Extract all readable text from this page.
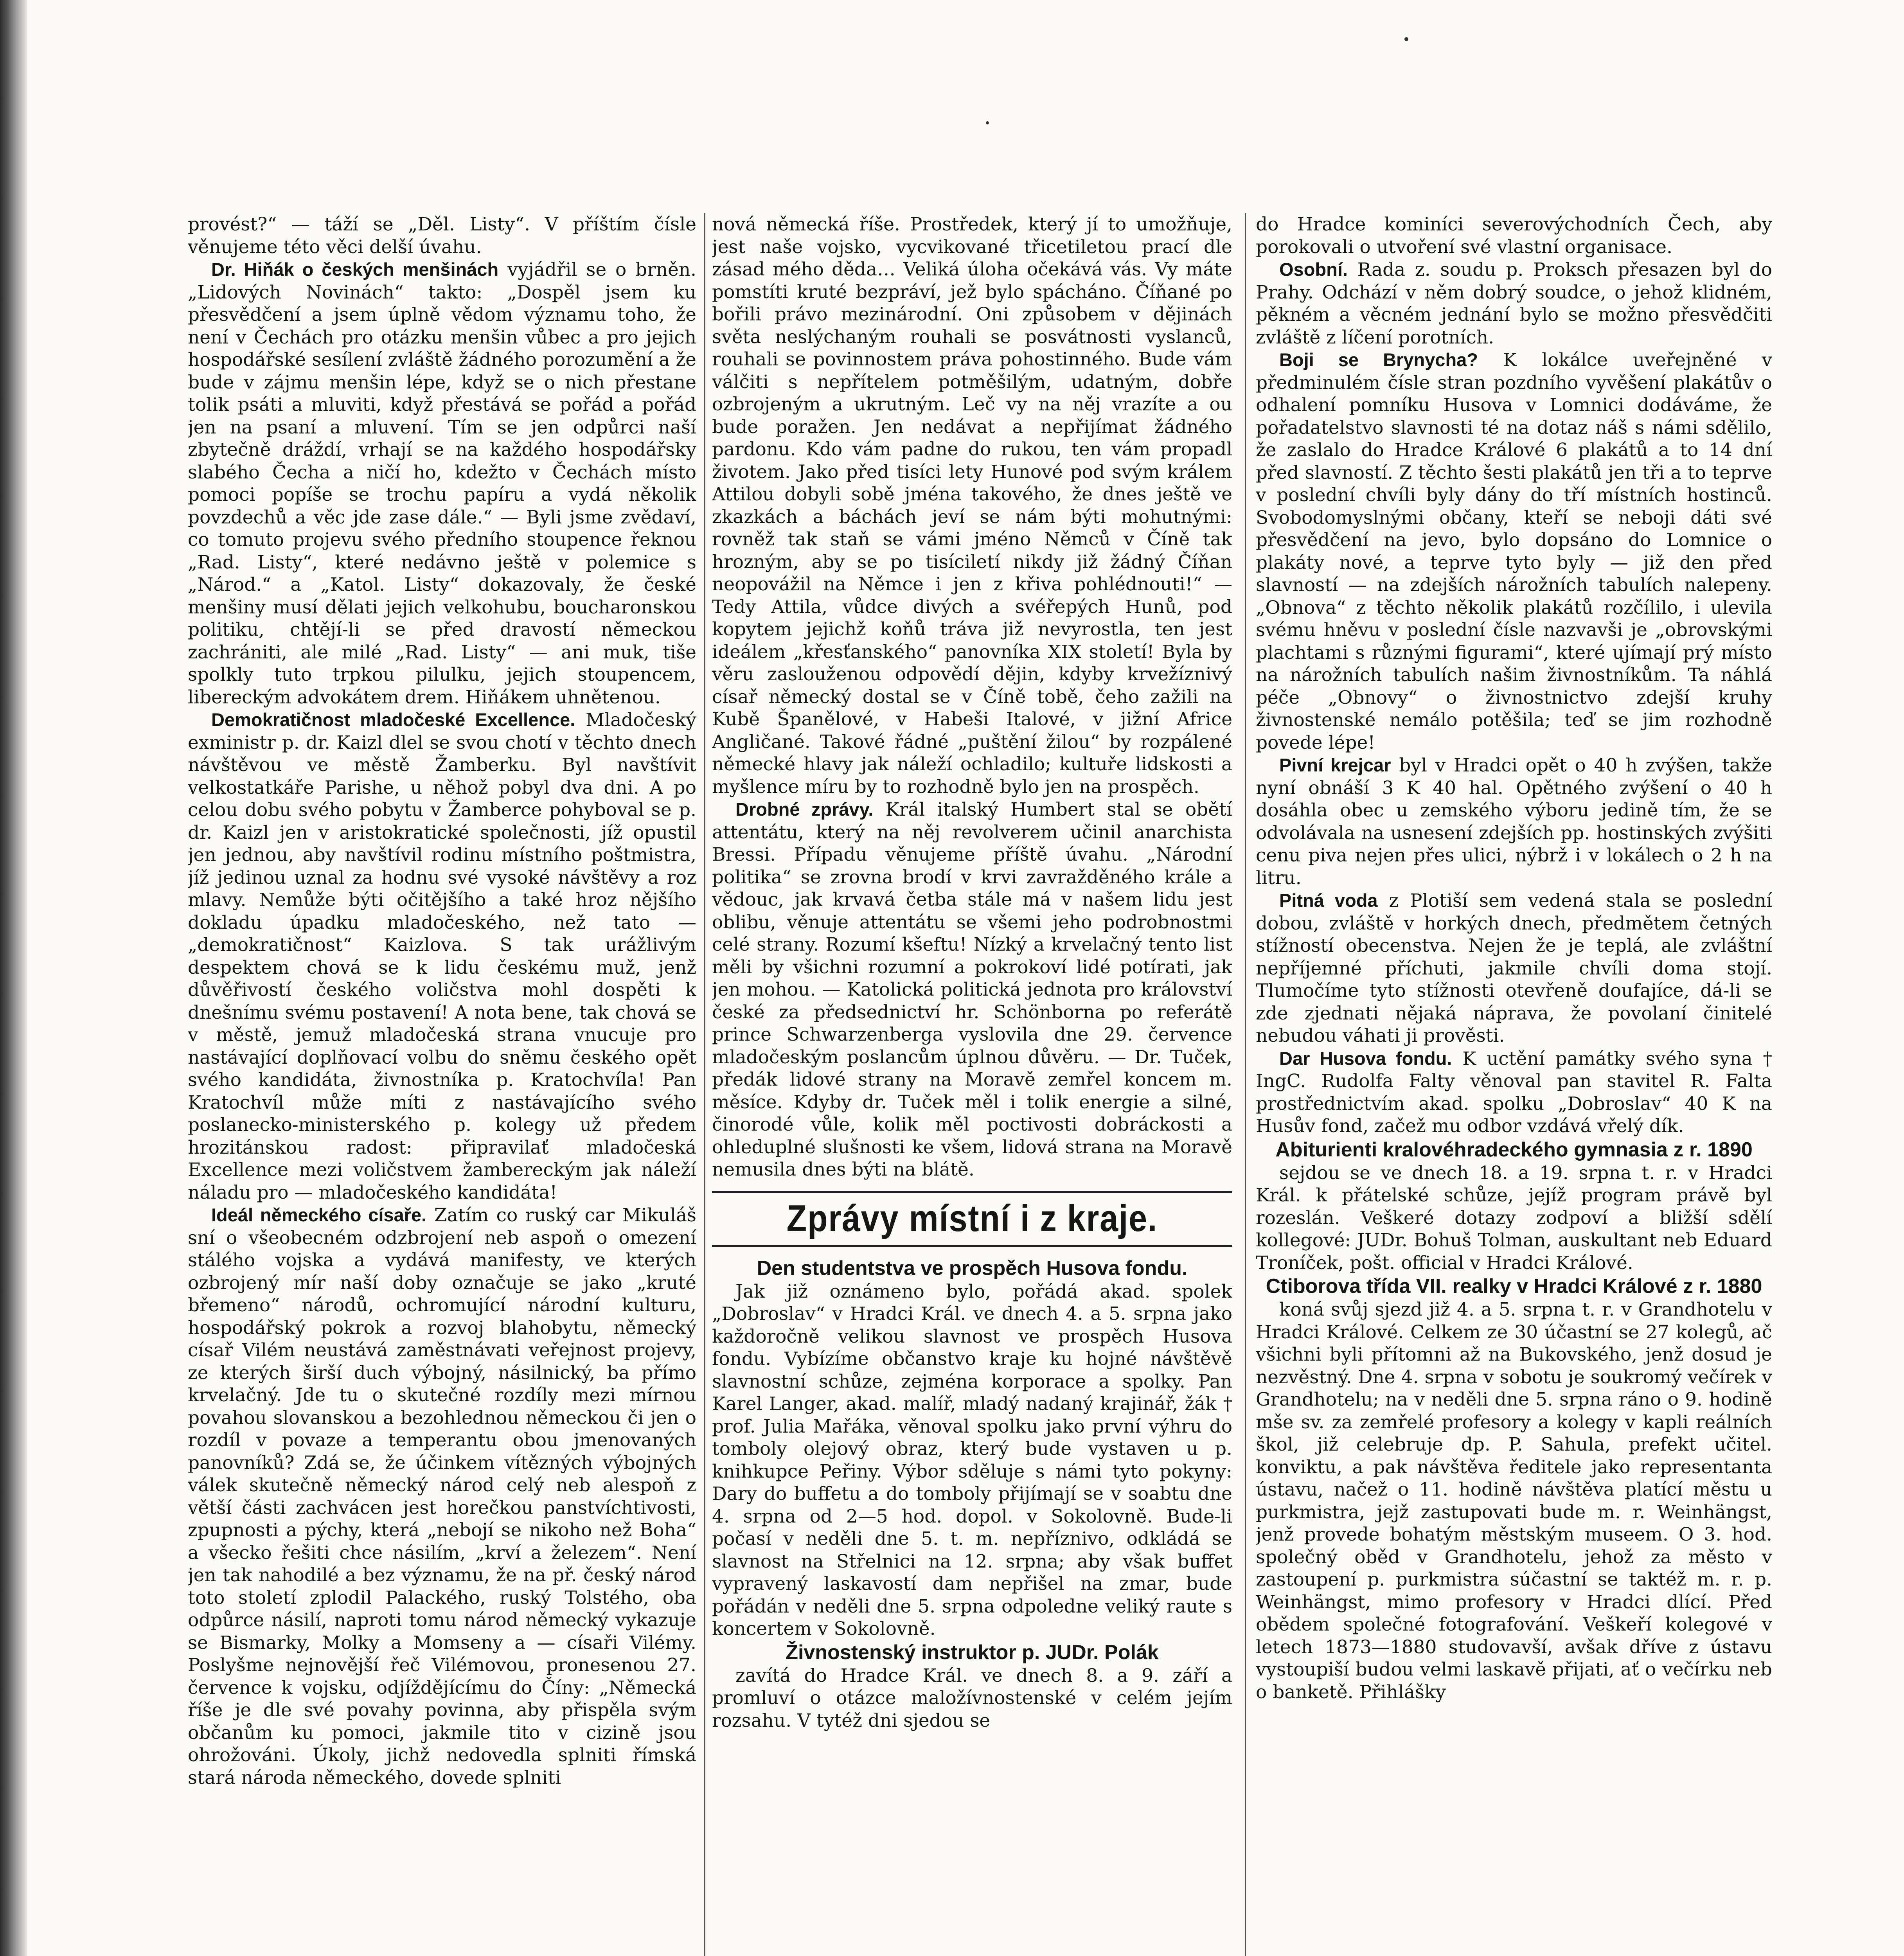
provést?“ — táží se „Děl. Listy“. V příštím čísle věnujeme této věci delší úvahu.

Dr. Hiňák o českých menšinách vyjádřil se o brněn. „Lidových Novinách“ takto: „Dospěl jsem ku přesvědčení a jsem úplně vědom významu toho, že není v Čechách pro otázku menšin vůbec a pro jejich hospodářské sesílení zvláště žádného porozumění a že bude v zájmu menšin lépe, když se o nich přestane tolik psáti a mluviti, když přestává se pořád a pořád jen na psaní a mluvení. Tím se jen odpůrci naší zbytečně dráždí, vrhají se na každého hospodářsky slabého Čecha a ničí ho, kdežto v Čechách místo pomoci popíše se trochu papíru a vydá několik povzdechů a věc jde zase dále.“ — Byli jsme zvědaví, co tomuto projevu svého předního stoupence řeknou „Rad. Listy“, které nedávno ještě v polemice s „Národ.“ a „Katol. Listy“ dokazovaly, že české menšiny musí dělati jejich velkohubu, boucharonskou politiku, chtějí-li se před dravostí německou zachrániti, ale milé „Rad. Listy“ — ani muk, tiše spolkly tuto trpkou pilulku, jejich stoupencem, libereckým advokátem drem. Hiňákem uhnětenou.

Demokratičnost mladočeské Excellence. Mladočeský exministr p. dr. Kaizl dlel se svou chotí v těchto dnech návštěvou ve městě Žamberku. Byl navštívit velkostatkáře Parishe, u něhož pobyl dva dni. A po celou dobu svého pobytu v Žamberce pohyboval se p. dr. Kaizl jen v aristokratické společnosti, jíž opustil jen jednou, aby navštívil rodinu místního poštmistra, jíž jedinou uznal za hodnu své vysoké návštěvy a roz mlavy. Nemůže býti očitějšího a také hroz nějšího dokladu úpadku mladočeského, než tato — „demokratičnost“ Kaizlova. S tak urážlivým despektem chová se k lidu českému muž, jenž důvěřivostí českého voličstva mohl dospěti k dnešnímu svému postavení! A nota bene, tak chová se v městě, jemuž mladočeská strana vnucuje pro nastávající doplňovací volbu do sněmu českého opět svého kandidáta, živnostníka p. Kratochvíla! Pan Kratochvíl může míti z nastávajícího svého poslanecko-ministerského p. kolegy už předem hrozitánskou radost: připravilať mladočeská Excellence mezi voličstvem žambereckým jak náleží náladu pro — mladočeského kandidáta!

Ideál německého císaře. Zatím co ruský car Mikuláš sní o všeobecném odzbrojení neb aspoň o omezení stálého vojska a vydává manifesty, ve kterých ozbrojený mír naší doby označuje se jako „kruté břemeno“ národů, ochromující národní kulturu, hospodářský pokrok a rozvoj blahobytu, německý císař Vilém neustává zaměstnávati veřejnost projevy, ze kterých širší duch výbojný, násilnický, ba přímo krvelačný. Jde tu o skutečné rozdíly mezi mírnou povahou slovanskou a bezohlednou německou či jen o rozdíl v povaze a temperantu obou jmenovaných panovníků? Zdá se, že účinkem vítězných výbojných válek skutečně německý národ celý neb alespoň z větší části zachvácen jest horečkou panstvíchtivosti, zpupnosti a pýchy, která „nebojí se nikoho než Boha“ a všecko řešiti chce násilím, „krví a železem“. Není jen tak nahodilé a bez významu, že na př. český národ toto století zplodil Palackého, ruský Tolstého, oba odpůrce násilí, naproti tomu národ německý vykazuje se Bismarky, Molky a Momseny a — císaři Vilémy. Poslyšme nejnovější řeč Vilémovou, pronesenou 27. července k vojsku, odjíždějícímu do Číny: „Německá říše je dle své povahy povinna, aby přispěla svým občanům ku pomoci, jakmile tito v cizině jsou ohrožováni. Úkoly, jichž nedovedla splniti římská stará národa německého, dovede splniti

nová německá říše. Prostředek, který jí to umožňuje, jest naše vojsko, vycvikované třicetiletou prací dle zásad mého děda… Veliká úloha očekává vás. Vy máte pomstíti kruté bezpráví, jež bylo spácháno. Číňané po bořili právo mezinárodní. Oni způsobem v dějinách světa neslýchaným rouhali se posvátnosti vyslanců, rouhali se povinnostem práva pohostinného. Bude vám válčiti s nepřítelem potměšilým, udatným, dobře ozbrojeným a ukrutným. Leč vy na něj vrazíte a ou bude poražen. Jen nedávat a nepřijímat žádného pardonu. Kdo vám padne do rukou, ten vám propadl životem. Jako před tisíci lety Hunové pod svým králem Attilou dobyli sobě jména takového, že dnes ještě ve zkazkách a báchách jeví se nám býti mohutnými: rovněž tak staň se vámi jméno Němců v Číně tak hrozným, aby se po tisíciletí nikdy již žádný Číňan neopovážil na Němce i jen z křiva pohlédnouti!“ — Tedy Attila, vůdce divých a svéřepých Hunů, pod kopytem jejichž koňů tráva již nevyrostla, ten jest ideálem „křesťanského“ panovníka XIX století! Byla by věru zaslouženou odpovědí dějin, kdyby krvežíznivý císař německý dostal se v Číně tobě, čeho zažili na Kubě Španělové, v Habeši Italové, v jižní Africe Angličané. Takové řádné „puštění žilou“ by rozpálené německé hlavy jak náleží ochladilo; kultuře lidskosti a myšlence míru by to rozhodně bylo jen na prospěch.

Drobné zprávy. Král italský Humbert stal se obětí attentátu, který na něj revolverem učinil anarchista Bressi. Případu věnujeme příště úvahu. „Národní politika“ se zrovna brodí v krvi zavražděného krále a vědouc, jak krvavá četba stále má v našem lidu jest oblibu, věnuje attentátu se všemi jeho podrobnostmi celé strany. Rozumí kšeftu! Nízký a krvelačný tento list měli by všichni rozumní a pokrokoví lidé potírati, jak jen mohou. — Katolická politická jednota pro království české za předsednictví hr. Schönborna po referátě prince Schwarzenberga vyslovila dne 29. července mladočeským poslancům úplnou důvěru. — Dr. Tuček, předák lidové strany na Moravě zemřel koncem m. měsíce. Kdyby dr. Tuček měl i tolik energie a silné, činorodé vůle, kolik měl poctivosti dobráckosti a ohleduplné slušnosti ke všem, lidová strana na Moravě nemusila dnes býti na blátě.

Zprávy místní i z kraje.

Den studentstva ve prospěch Husova fondu.

Jak již oznámeno bylo, pořádá akad. spolek „Dobroslav“ v Hradci Král. ve dnech 4. a 5. srpna jako každoročně velikou slavnost ve prospěch Husova fondu. Vybízíme občanstvo kraje ku hojné návštěvě slavnostní schůze, zejména korporace a spolky. Pan Karel Langer, akad. malíř, mladý nadaný krajinář, žák † prof. Julia Mařáka, věnoval spolku jako první výhru do tomboly olejový obraz, který bude vystaven u p. knihkupce Peřiny. Výbor sděluje s námi tyto pokyny: Dary do buffetu a do tomboly přijímají se v soabtu dne 4. srpna od 2—5 hod. dopol. v Sokolovně. Bude-li počasí v neděli dne 5. t. m. nepříznivo, odkládá se slavnost na Střelnici na 12. srpna; aby však buffet vypravený laskavostí dam nepřišel na zmar, bude pořádán v neděli dne 5. srpna odpoledne veliký raute s koncertem v Sokolovně.

Živnostenský instruktor p. JUDr. Polák

zavítá do Hradce Král. ve dnech 8. a 9. září a promluví o otázce maložívnostenské v celém jejím rozsahu. V tytéž dni sjedou se

do Hradce kominíci severovýchodních Čech, aby porokovali o utvoření své vlastní organisace.

Osobní. Rada z. soudu p. Proksch přesazen byl do Prahy. Odchází v něm dobrý soudce, o jehož klidném, pěkném a věcném jednání bylo se možno přesvědčiti zvláště z líčení porotních.

Boji se Brynycha? K lokálce uveřejněné v předminulém čísle stran pozdního vyvěšení plakátův o odhalení pomníku Husova v Lomnici dodáváme, že pořadatelstvo slavnosti té na dotaz náš s námi sdělilo, že zaslalo do Hradce Králové 6 plakátů a to 14 dní před slavností. Z těchto šesti plakátů jen tři a to teprve v poslední chvíli byly dány do tří místních hostinců. Svobodomyslnými občany, kteří se neboji dáti své přesvědčení na jevo, bylo dopsáno do Lomnice o plakáty nové, a teprve tyto byly — již den před slavností — na zdejších nárožních tabulích nalepeny. „Obnova“ z těchto několik plakátů rozčílilo, i ulevila svému hněvu v poslední čísle nazvavši je „obrovskými plachtami s různými figurami“, které ujímají prý místo na nárožních tabulích našim živnostníkům. Ta náhlá péče „Obnovy“ o živnostnictvo zdejší kruhy živnostenské nemálo potěšila; teď se jim rozhodně povede lépe!

Pivní krejcar byl v Hradci opět o 40 h zvýšen, takže nyní obnáší 3 K 40 hal. Opětného zvýšení o 40 h dosáhla obec u zemského výboru jedině tím, že se odvolávala na usnesení zdejších pp. hostinských zvýšiti cenu piva nejen přes ulici, nýbrž i v lokálech o 2 h na litru.

Pitná voda z Plotiší sem vedená stala se poslední dobou, zvláště v horkých dnech, předmětem četných stížností obecenstva. Nejen že je teplá, ale zvláštní nepříjemné příchuti, jakmile chvíli doma stojí. Tlumočíme tyto stížnosti otevřeně doufajíce, dá-li se zde zjednati nějaká náprava, že povolaní činitelé nebudou váhati ji prověsti.

Dar Husova fondu. K uctění památky svého syna † IngC. Rudolfa Falty věnoval pan stavitel R. Falta prostřednictvím akad. spolku „Dobroslav“ 40 K na Husův fond, začež mu odbor vzdává vřelý dík.

Abiturienti kralovéhradeckého gymnasia z r. 1890

sejdou se ve dnech 18. a 19. srpna t. r. v Hradci Král. k přátelské schůze, jejíž program právě byl rozeslán. Veškeré dotazy zodpoví a bližší sdělí kollegové: JUDr. Bohuš Tolman, auskultant neb Eduard Troníček, pošt. official v Hradci Králové.

Ctiborova třída VII. realky v Hradci Králové z r. 1880

koná svůj sjezd již 4. a 5. srpna t. r. v Grandhotelu v Hradci Králové. Celkem ze 30 účastní se 27 kolegů, ač všichni byli přítomni až na Bukovského, jenž dosud je nezvěstný. Dne 4. srpna v sobotu je soukromý večírek v Grandhotelu; na v neděli dne 5. srpna ráno o 9. hodině mše sv. za zemřelé profesory a kolegy v kapli reálních škol, již celebruje dp. P. Sahula, prefekt učitel. konviktu, a pak návštěva ředitele jako representanta ústavu, načež o 11. hodině návštěva platící městu u purkmistra, jejž zastupovati bude m. r. Weinhängst, jenž provede bohatým městským museem. O 3. hod. společný oběd v Grandhotelu, jehož za město v zastoupení p. purkmistra súčastní se taktéž m. r. p. Weinhängst, mimo profesory v Hradci dlící. Před obědem společné fotografování. Veškeří kolegové v letech 1873—1880 studovavší, avšak dříve z ústavu vystoupiší budou velmi laskavě přijati, ať o večírku neb o banketě. Přihlášky
